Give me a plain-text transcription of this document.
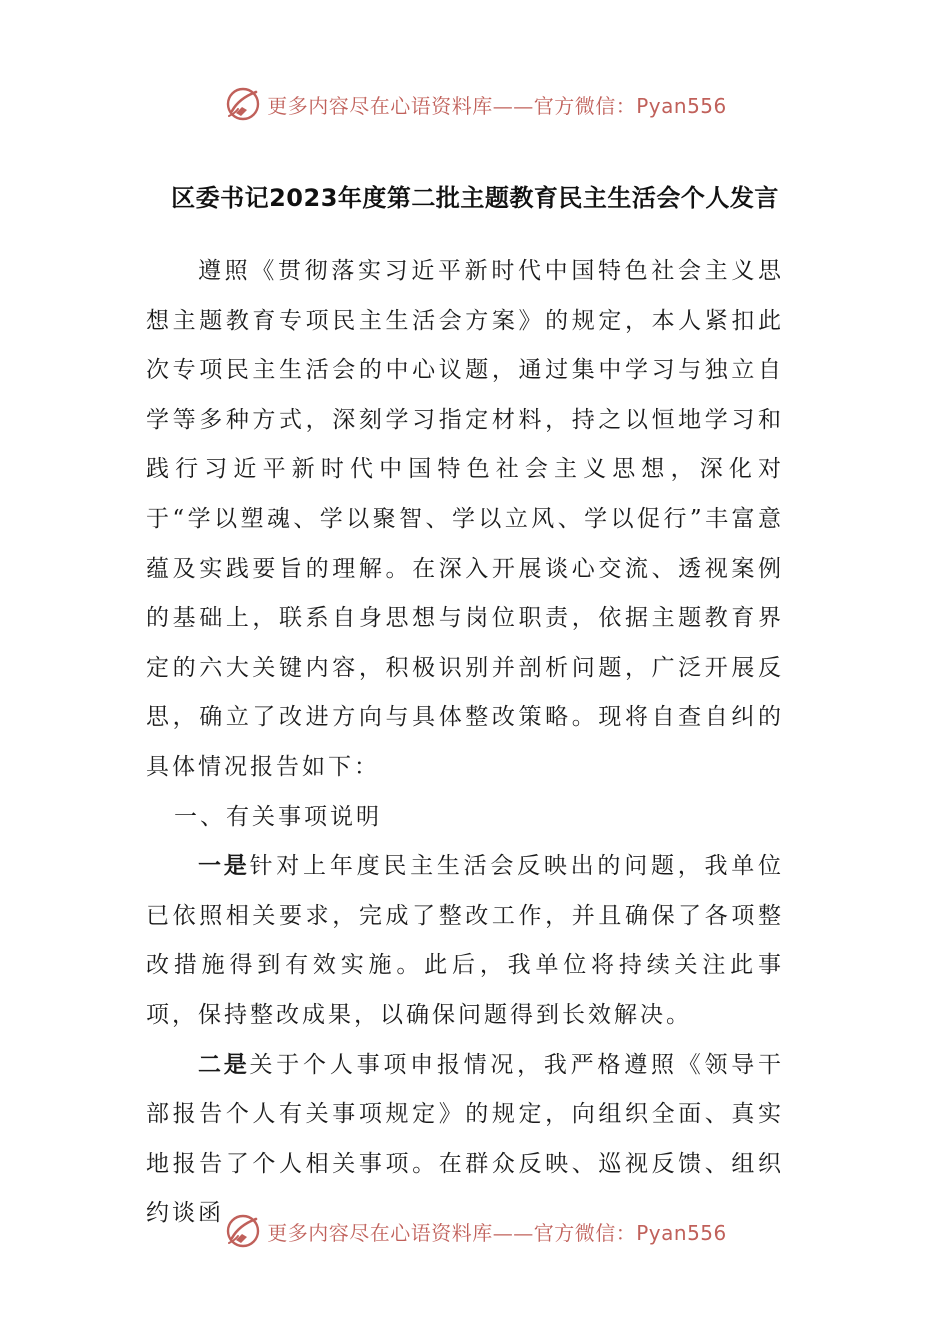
更多内容尽在心语资料库——官方微信：Pyan556
区委书记2023年度第二批主题教育民主生活会个人发言

遵照《贯彻落实习近平新时代中国特色社会主义思想主题教育专项民主生活会方案》的规定，本人紧扣此次专项民主生活会的中心议题，通过集中学习与独立自学等多种方式，深刻学习指定材料，持之以恒地学习和践行习近平新时代中国特色社会主义思想，深化对于“学以塑魂、学以聚智、学以立风、学以促行”丰富意蕴及实践要旨的理解。在深入开展谈心交流、透视案例的基础上，联系自身思想与岗位职责，依据主题教育界定的六大关键内容，积极识别并剖析问题，广泛开展反思，确立了改进方向与具体整改策略。现将自查自纠的具体情况报告如下：

一、有关事项说明

一是针对上年度民主生活会反映出的问题，我单位已依照相关要求，完成了整改工作，并且确保了各项整改措施得到有效实施。此后，我单位将持续关注此事项，保持整改成果，以确保问题得到长效解决。

二是关于个人事项申报情况，我严格遵照《领导干部报告个人有关事项规定》的规定，向组织全面、真实地报告了个人相关事项。在群众反映、巡视反馈、组织约谈函

更多内容尽在心语资料库——官方微信：Pyan556
